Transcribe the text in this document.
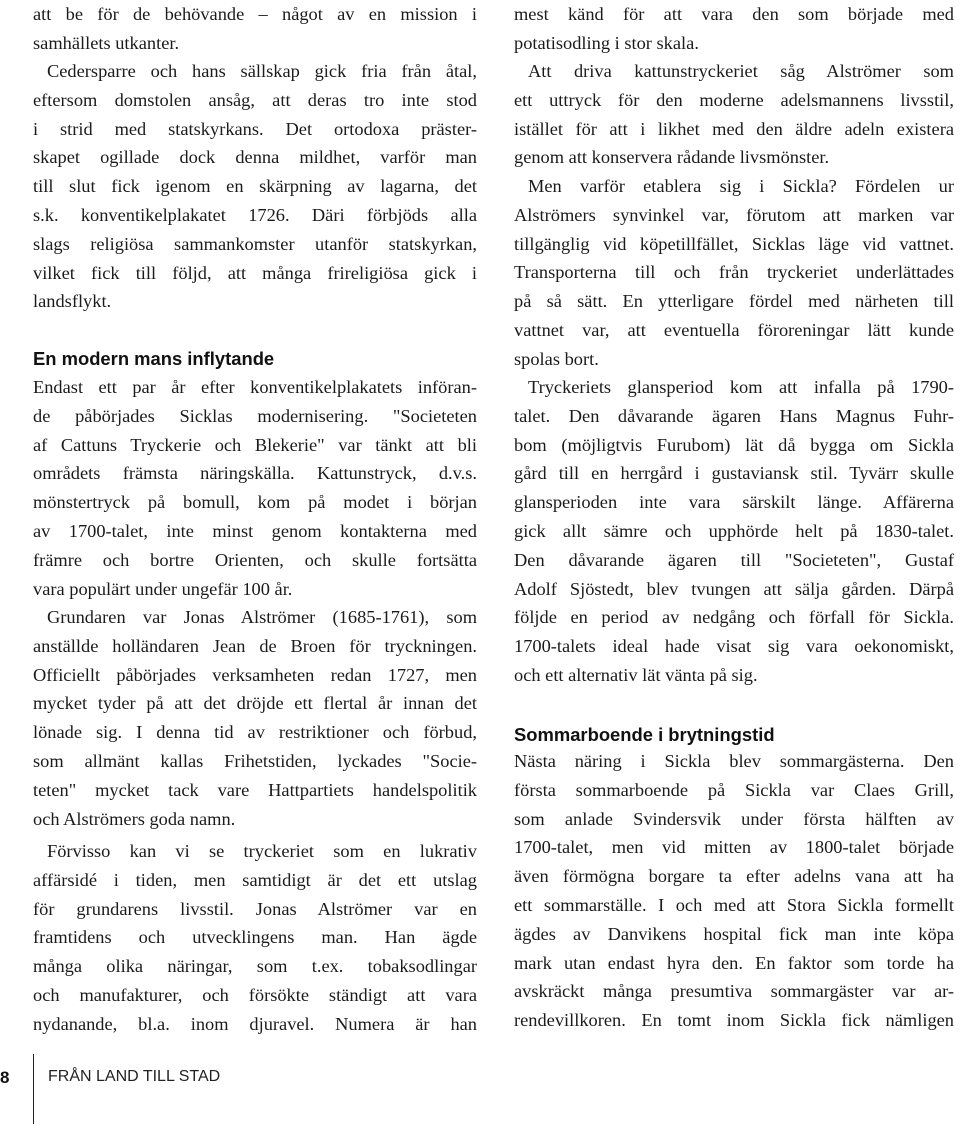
att be för de behövande – något av en mission i
samhällets utkanter.
Cedersparre och hans sällskap gick fria från åtal,
eftersom domstolen ansåg, att deras tro inte stod
i strid med statskyrkans. Det ortodoxa präster-
skapet ogillade dock denna mildhet, varför man
till slut fick igenom en skärpning av lagarna, det
s.k. konventikelplakatet 1726. Däri förbjöds alla
slags religiösa sammankomster utanför statskyrkan,
vilket fick till följd, att många frireligiösa gick i
landsflykt.
En modern mans inflytande
Endast ett par år efter konventikelplakatets införan-
de påbörjades Sicklas modernisering. "Societeten
af Cattuns Tryckerie och Blekerie" var tänkt att bli
områdets främsta näringskälla. Kattunstryck, d.v.s.
mönstertryck på bomull, kom på modet i början
av 1700-talet, inte minst genom kontakterna med
främre och bortre Orienten, och skulle fortsätta
vara populärt under ungefär 100 år.
Grundaren var Jonas Alströmer (1685-1761), som
anställde holländaren Jean de Broen för tryckningen.
Officiellt påbörjades verksamheten redan 1727, men
mycket tyder på att det dröjde ett flertal år innan det
lönade sig. I denna tid av restriktioner och förbud,
som allmänt kallas Frihetstiden, lyckades "Socie-
teten" mycket tack vare Hattpartiets handelspolitik
och Alströmers goda namn.
Förvisso kan vi se tryckeriet som en lukrativ
affärsidé i tiden, men samtidigt är det ett utslag
för grundarens livsstil. Jonas Alströmer var en
framtidens och utvecklingens man. Han ägde
många olika näringar, som t.ex. tobaksodlingar
och manufakturer, och försökte ständigt att vara
nydanande, bl.a. inom djuravel. Numera är han
mest känd för att vara den som började med
potatisodling i stor skala.
Att driva kattunstryckeriet såg Alströmer som
ett uttryck för den moderne adelsmannens livsstil,
istället för att i likhet med den äldre adeln existera
genom att konservera rådande livsmönster.
Men varför etablera sig i Sickla? Fördelen ur
Alströmers synvinkel var, förutom att marken var
tillgänglig vid köpetillfället, Sicklas läge vid vattnet.
Transporterna till och från tryckeriet underlättades
på så sätt. En ytterligare fördel med närheten till
vattnet var, att eventuella föroreningar lätt kunde
spolas bort.
Tryckeriets glansperiod kom att infalla på 1790-
talet. Den dåvarande ägaren Hans Magnus Fuhr-
bom (möjligtvis Furubom) lät då bygga om Sickla
gård till en herrgård i gustaviansk stil. Tyvärr skulle
glansperioden inte vara särskilt länge. Affärerna
gick allt sämre och upphörde helt på 1830-talet.
Den dåvarande ägaren till "Societeten", Gustaf
Adolf Sjöstedt, blev tvungen att sälja gården. Därpå
följde en period av nedgång och förfall för Sickla.
1700-talets ideal hade visat sig vara oekonomiskt,
och ett alternativ lät vänta på sig.
Sommarboende i brytningstid
Nästa näring i Sickla blev sommargästerna. Den
första sommarboende på Sickla var Claes Grill,
som anlade Svindersvik under första hälften av
1700-talet, men vid mitten av 1800-talet började
även förmögna borgare ta efter adelns vana att ha
ett sommarställe. I och med att Stora Sickla formellt
ägdes av Danvikens hospital fick man inte köpa
mark utan endast hyra den. En faktor som torde ha
avskräckt många presumtiva sommargäster var ar-
rendevillkoren. En tomt inom Sickla fick nämligen
8 FRÅN LAND TILL STAD
